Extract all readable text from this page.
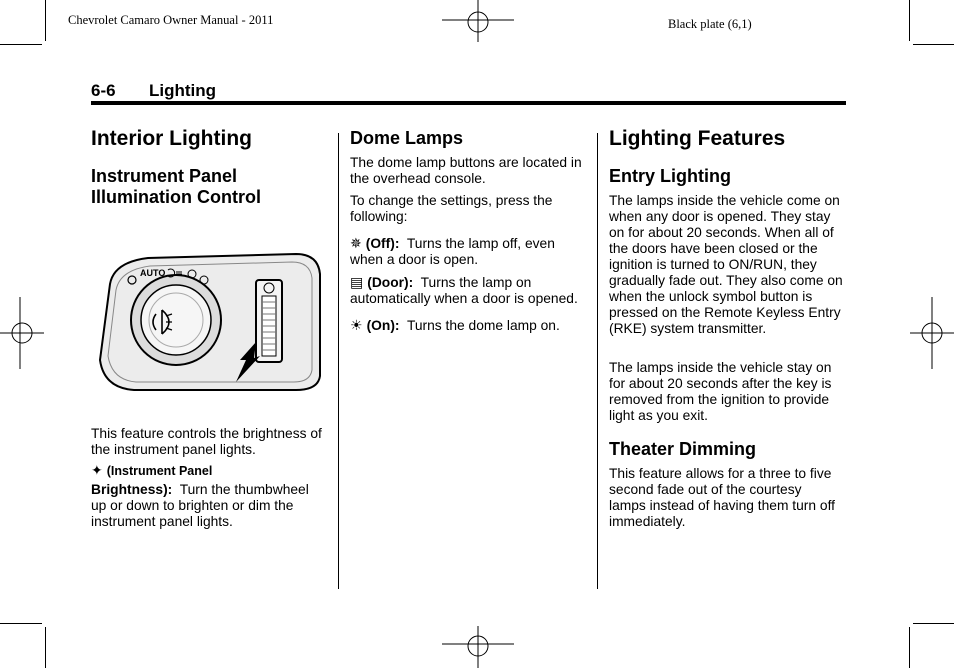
Chevrolet Camaro Owner Manual - 2011	Black plate (6,1)
6-6 Lighting
Interior Lighting
Instrument Panel
Illumination Control
AUTO
This feature controls the brightness of the instrument panel lights.
✦ (Instrument Panel
Brightness): Turn the thumbwheel
up or down to brighten or dim the instrument panel lights.
Dome Lamps
The dome lamp buttons are located in the overhead console.
To change the settings, press the following:
✵ (Off): Turns the lamp off, even when a door is open.
▤ (Door): Turns the lamp on automatically when a door is opened.
☀ (On): Turns the dome lamp on.
Lighting Features
Entry Lighting
The lamps inside the vehicle come on when any door is opened. They stay on for about 20 seconds. When all of the doors have been closed or the ignition is turned to ON/RUN, they gradually fade out. They also come on when the unlock symbol button is pressed on the Remote Keyless Entry (RKE) system transmitter.
The lamps inside the vehicle stay on for about 20 seconds after the key is removed from the ignition to provide light as you exit.
Theater Dimming
This feature allows for a three to five second fade out of the courtesy lamps instead of having them turn off immediately.
